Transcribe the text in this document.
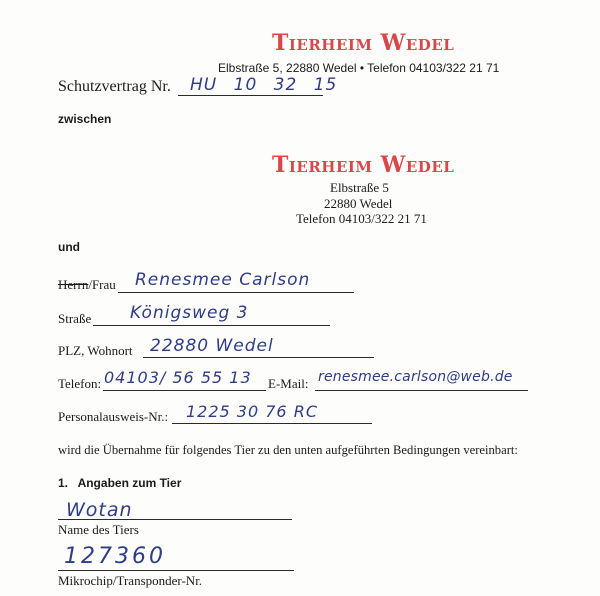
Tierheim Wedel
Elbstraße 5, 22880 Wedel • Telefon 04103/322 21 71
Schutzvertrag Nr. HU 10 32 15
zwischen
Tierheim Wedel
Elbstraße 5
22880 Wedel
Telefon 04103/322 21 71
und
Herrn/Frau Renesmee Carlson
Straße Königsweg 3
PLZ, Wohnort 22880 Wedel
Telefon: 04103/ 56 55 13 E-Mail: renesmee.carlson@web.de
Personalausweis-Nr.: 1225 30 76 RC
wird die Übernahme für folgendes Tier zu den unten aufgeführten Bedingungen vereinbart:
1.   Angaben zum Tier
Wotan
Name des Tiers
127360
Mikrochip/Transponder-Nr.
